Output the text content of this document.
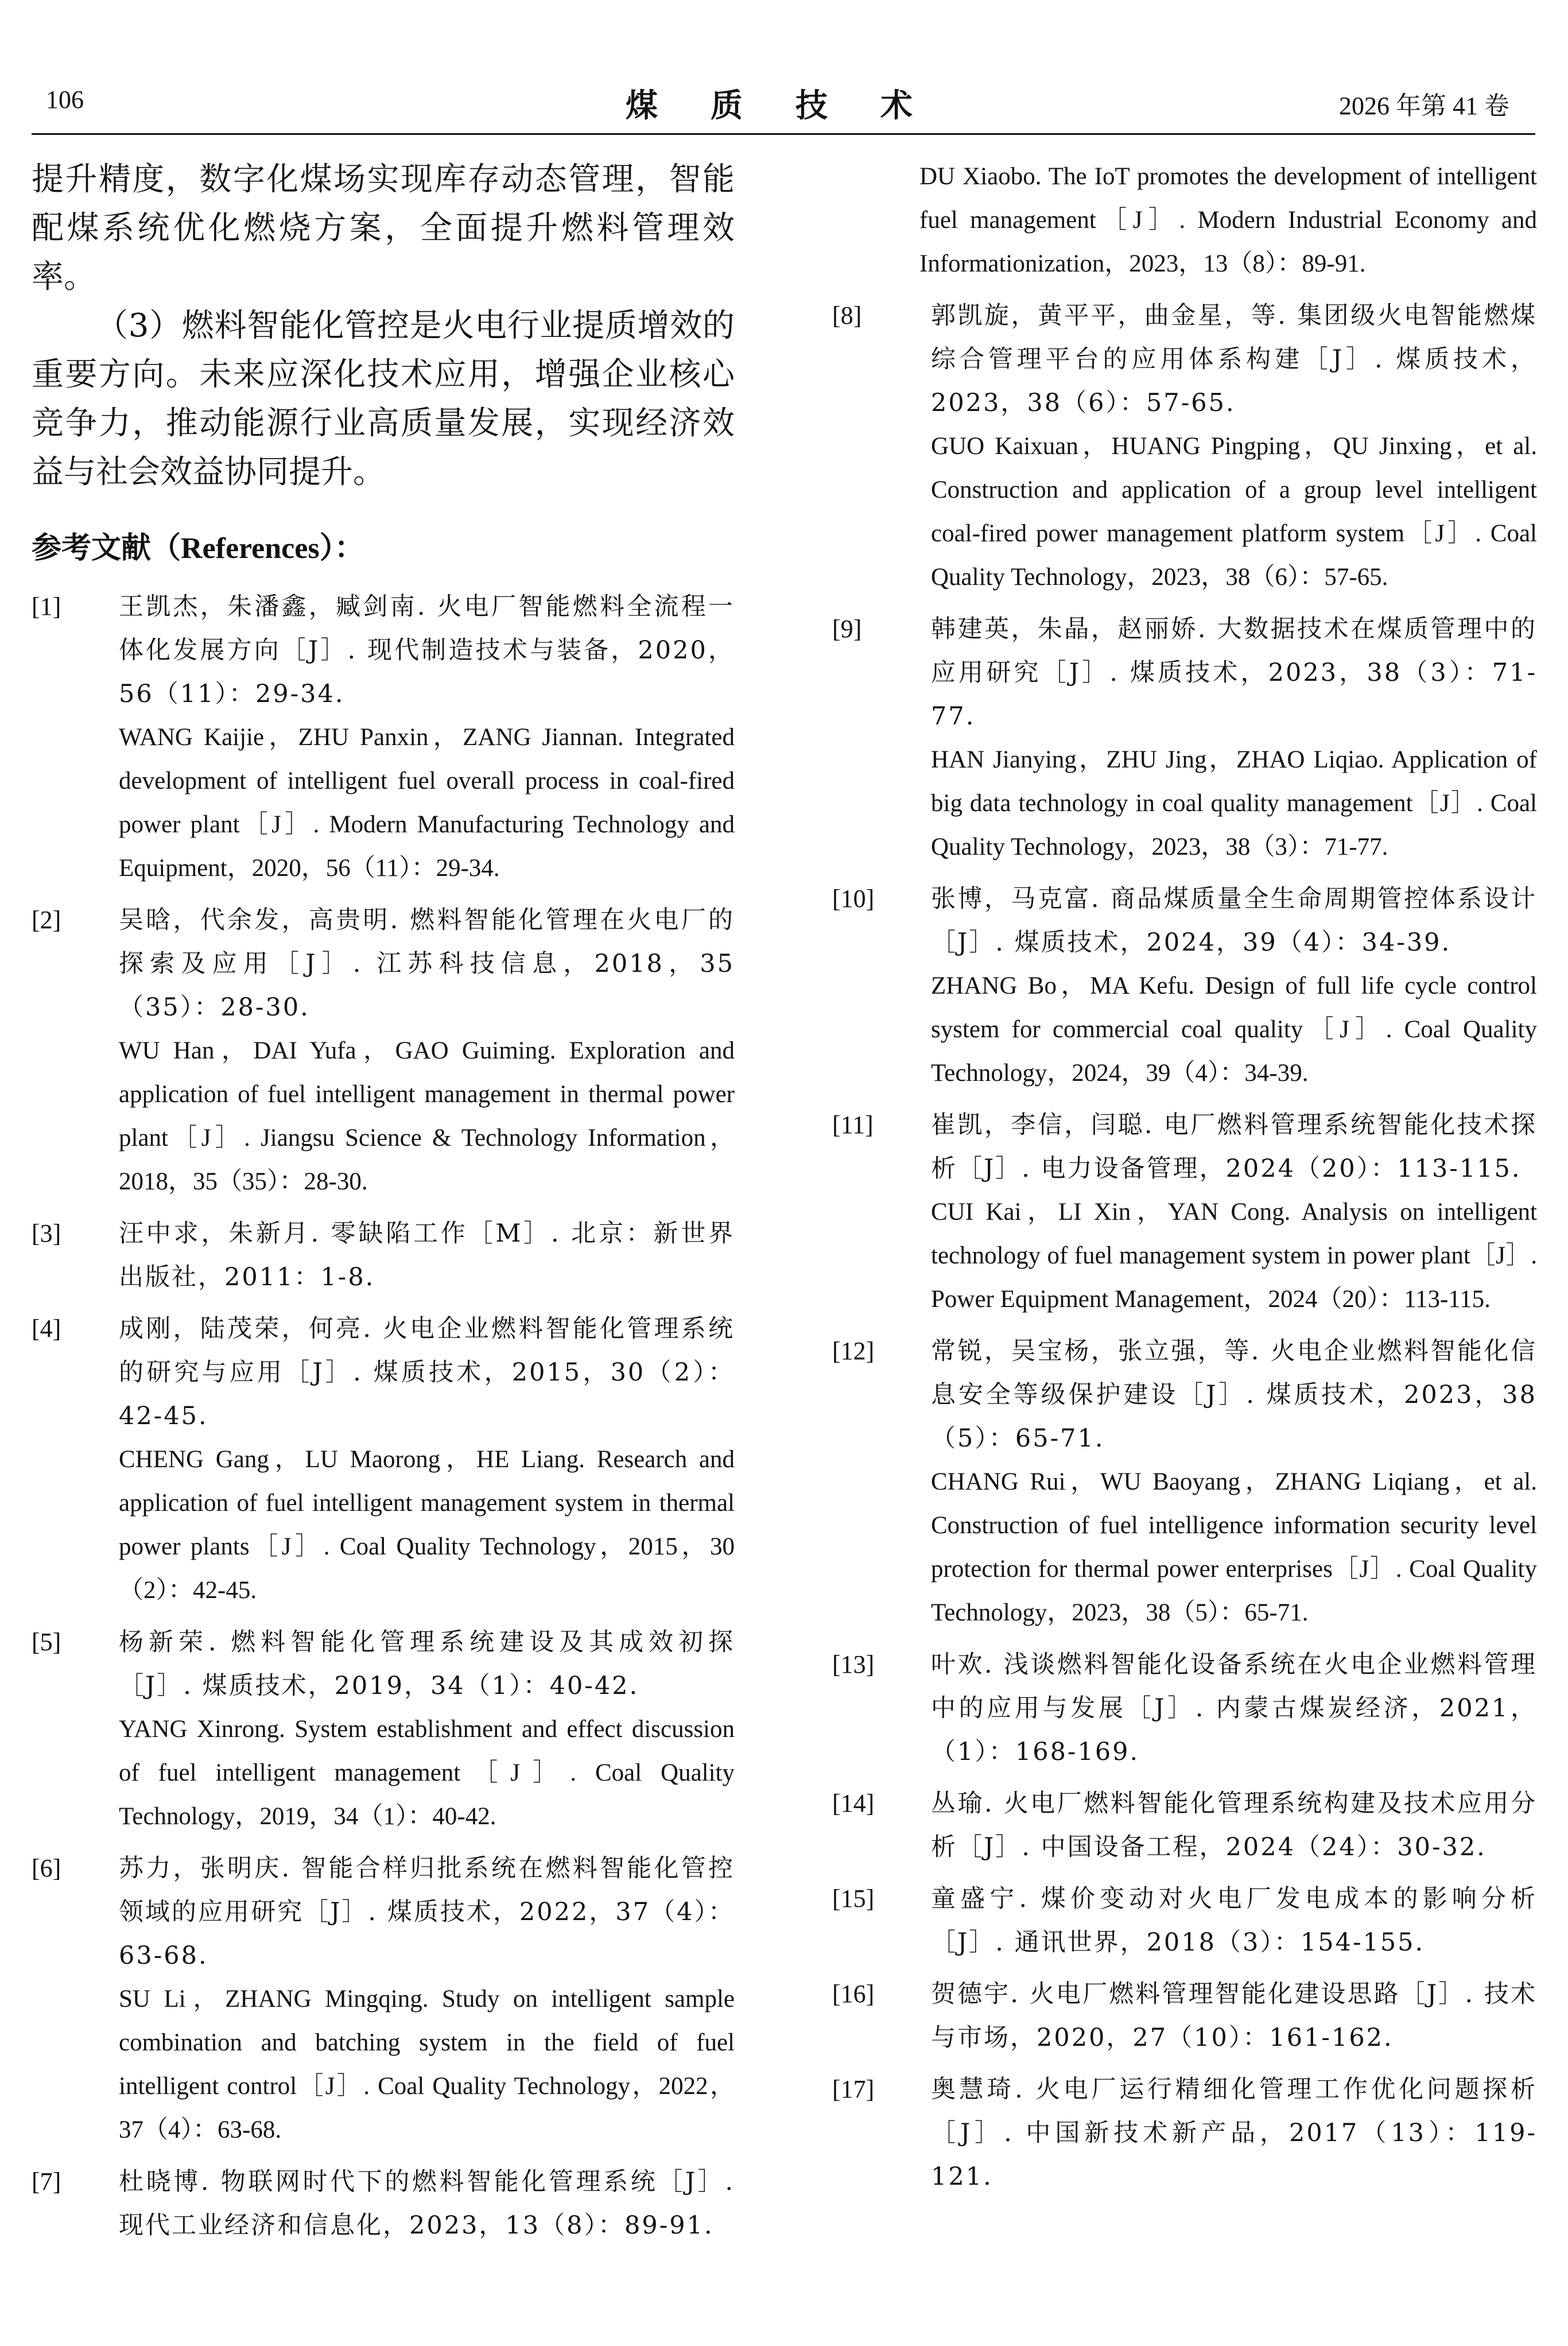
106	煤质技术	2026 年第 41 卷

提升精度，数字化煤场实现库存动态管理，智能配煤系统优化燃烧方案，全面提升燃料管理效率。

（3）燃料智能化管控是火电行业提质增效的重要方向。未来应深化技术应用，增强企业核心竞争力，推动能源行业高质量发展，实现经济效益与社会效益协同提升。

参考文献（References）：
[1] 王凯杰，朱潘鑫，臧剑南. 火电厂智能燃料全流程一体化发展方向［J］. 现代制造技术与装备，2020，56（11）：29-34.

WANG Kaijie，ZHU Panxin，ZANG Jiannan. Integrated development of intelligent fuel overall process in coal-fired power plant［J］. Modern Manufacturing Technology and Equipment，2020，56（11）：29-34.

[2] 吴晗，代余发，高贵明. 燃料智能化管理在火电厂的探索及应用［J］. 江苏科技信息，2018，35（35）：28-30.

WU Han，DAI Yufa，GAO Guiming. Exploration and application of fuel intelligent management in thermal power plant［J］. Jiangsu Science & Technology Information，2018，35（35）：28-30.

[3] 汪中求，朱新月. 零缺陷工作［M］. 北京：新世界出版社，2011：1-8.

[4] 成刚，陆茂荣，何亮. 火电企业燃料智能化管理系统的研究与应用［J］. 煤质技术，2015，30（2）：42-45.

CHENG Gang，LU Maorong，HE Liang. Research and application of fuel intelligent management system in thermal power plants［J］. Coal Quality Technology，2015，30（2）：42-45.

[5] 杨新荣. 燃料智能化管理系统建设及其成效初探［J］. 煤质技术，2019，34（1）：40-42.

YANG Xinrong. System establishment and effect discussion of fuel intelligent management［J］. Coal Quality Technology，2019，34（1）：40-42.

[6] 苏力，张明庆. 智能合样归批系统在燃料智能化管控领域的应用研究［J］. 煤质技术，2022，37（4）：63-68.

SU Li，ZHANG Mingqing. Study on intelligent sample combination and batching system in the field of fuel intelligent control［J］. Coal Quality Technology，2022，37（4）：63-68.

[7] 杜晓博. 物联网时代下的燃料智能化管理系统［J］. 现代工业经济和信息化，2023，13（8）：89-91.

DU Xiaobo. The IoT promotes the development of intelligent fuel management［J］. Modern Industrial Economy and Informationization，2023，13（8）：89-91.

[8]	郭凯旋，黄平平，曲金星，等. 集团级火电智能燃煤综合管理平台的应用体系构建［J］. 煤质技术，2023，38（6）：57-65.

GUO Kaixuan，HUANG Pingping，QU Jinxing，et al. Construction and application of a group level intelligent coal-fired power management platform system［J］. Coal Quality Technology，2023，38（6）：57-65.

[9]	韩建英，朱晶，赵丽娇. 大数据技术在煤质管理中的应用研究［J］. 煤质技术，2023，38（3）：71-77.

HAN Jianying，ZHU Jing，ZHAO Liqiao. Application of big data technology in coal quality management［J］. Coal Quality Technology，2023，38（3）：71-77.

[10] 张博，马克富. 商品煤质量全生命周期管控体系设计［J］. 煤质技术，2024，39（4）：34-39.

ZHANG Bo，MA Kefu. Design of full life cycle control system for commercial coal quality［J］. Coal Quality Technology，2024，39（4）：34-39.

[11] 崔凯，李信，闫聪. 电厂燃料管理系统智能化技术探析［J］. 电力设备管理，2024（20）：113-115.

CUI Kai，LI Xin，YAN Cong. Analysis on intelligent technology of fuel management system in power plant［J］. Power Equipment Management，2024（20）：113-115.

[12] 常锐，吴宝杨，张立强，等. 火电企业燃料智能化信息安全等级保护建设［J］. 煤质技术，2023，38（5）：65-71.

CHANG Rui，WU Baoyang，ZHANG Liqiang，et al. Construction of fuel intelligence information security level protection for thermal power enterprises［J］. Coal Quality Technology，2023，38（5）：65-71.

[13] 叶欢. 浅谈燃料智能化设备系统在火电企业燃料管理中的应用与发展［J］. 内蒙古煤炭经济，2021，（1）：168-169.

[14] 丛瑜. 火电厂燃料智能化管理系统构建及技术应用分析［J］. 中国设备工程，2024（24）：30-32.

[15] 童盛宁. 煤价变动对火电厂发电成本的影响分析［J］. 通讯世界，2018（3）：154-155.

[16] 贺德宇. 火电厂燃料管理智能化建设思路［J］. 技术与市场，2020，27（10）：161-162.

[17] 奥慧琦. 火电厂运行精细化管理工作优化问题探析［J］. 中国新技术新产品，2017（13）：119-121.
